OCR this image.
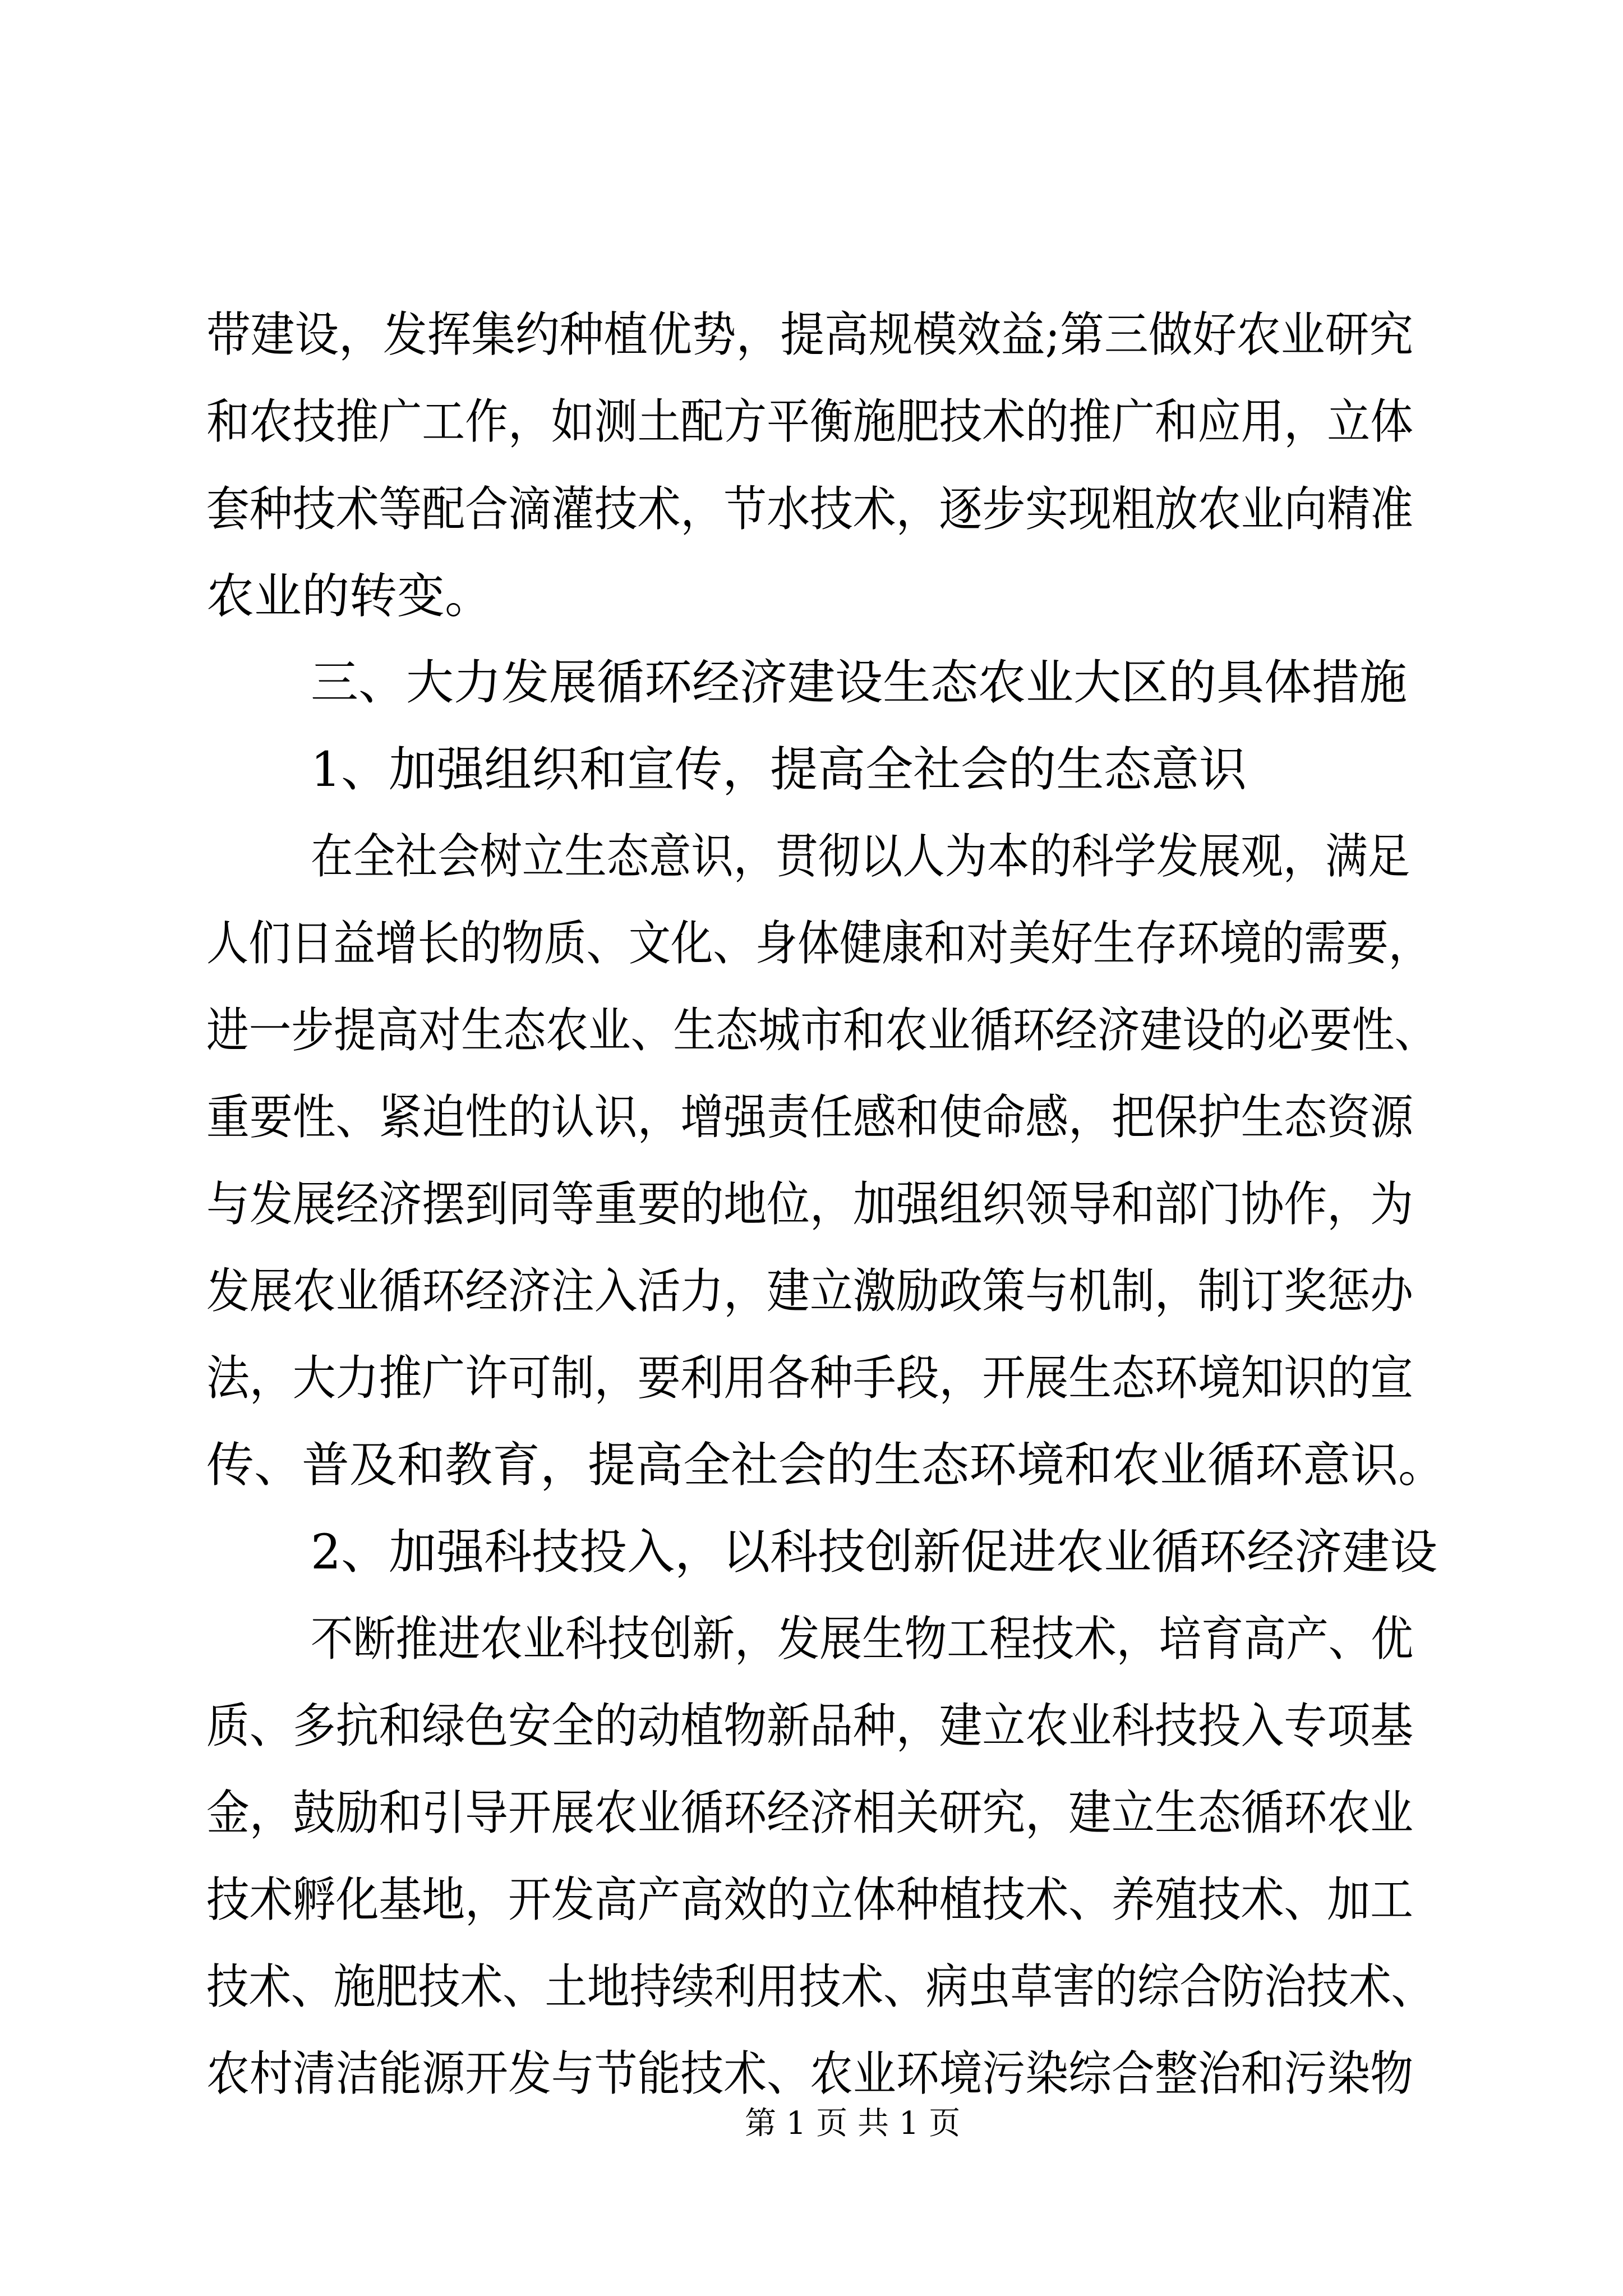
带建设，发挥集约种植优势，提高规模效益;第三做好农业研究
和农技推广工作，如测土配方平衡施肥技术的推广和应用，立体
套种技术等配合滴灌技术，节水技术，逐步实现粗放农业向精准
农业的转变。
三、大力发展循环经济建设生态农业大区的具体措施
1、加强组织和宣传，提高全社会的生态意识
在全社会树立生态意识，贯彻以人为本的科学发展观，满足
人们日益增长的物质、文化、身体健康和对美好生存环境的需要，
进一步提高对生态农业、生态城市和农业循环经济建设的必要性、
重要性、紧迫性的认识，增强责任感和使命感，把保护生态资源
与发展经济摆到同等重要的地位，加强组织领导和部门协作，为
发展农业循环经济注入活力，建立激励政策与机制，制订奖惩办
法，大力推广许可制，要利用各种手段，开展生态环境知识的宣
传、普及和教育，提高全社会的生态环境和农业循环意识。
2、加强科技投入，以科技创新促进农业循环经济建设
不断推进农业科技创新，发展生物工程技术，培育高产、优
质、多抗和绿色安全的动植物新品种，建立农业科技投入专项基
金，鼓励和引导开展农业循环经济相关研究，建立生态循环农业
技术孵化基地，开发高产高效的立体种植技术、养殖技术、加工
技术、施肥技术、土地持续利用技术、病虫草害的综合防治技术、
农村清洁能源开发与节能技术、农业环境污染综合整治和污染物
第 1 页 共 1 页
